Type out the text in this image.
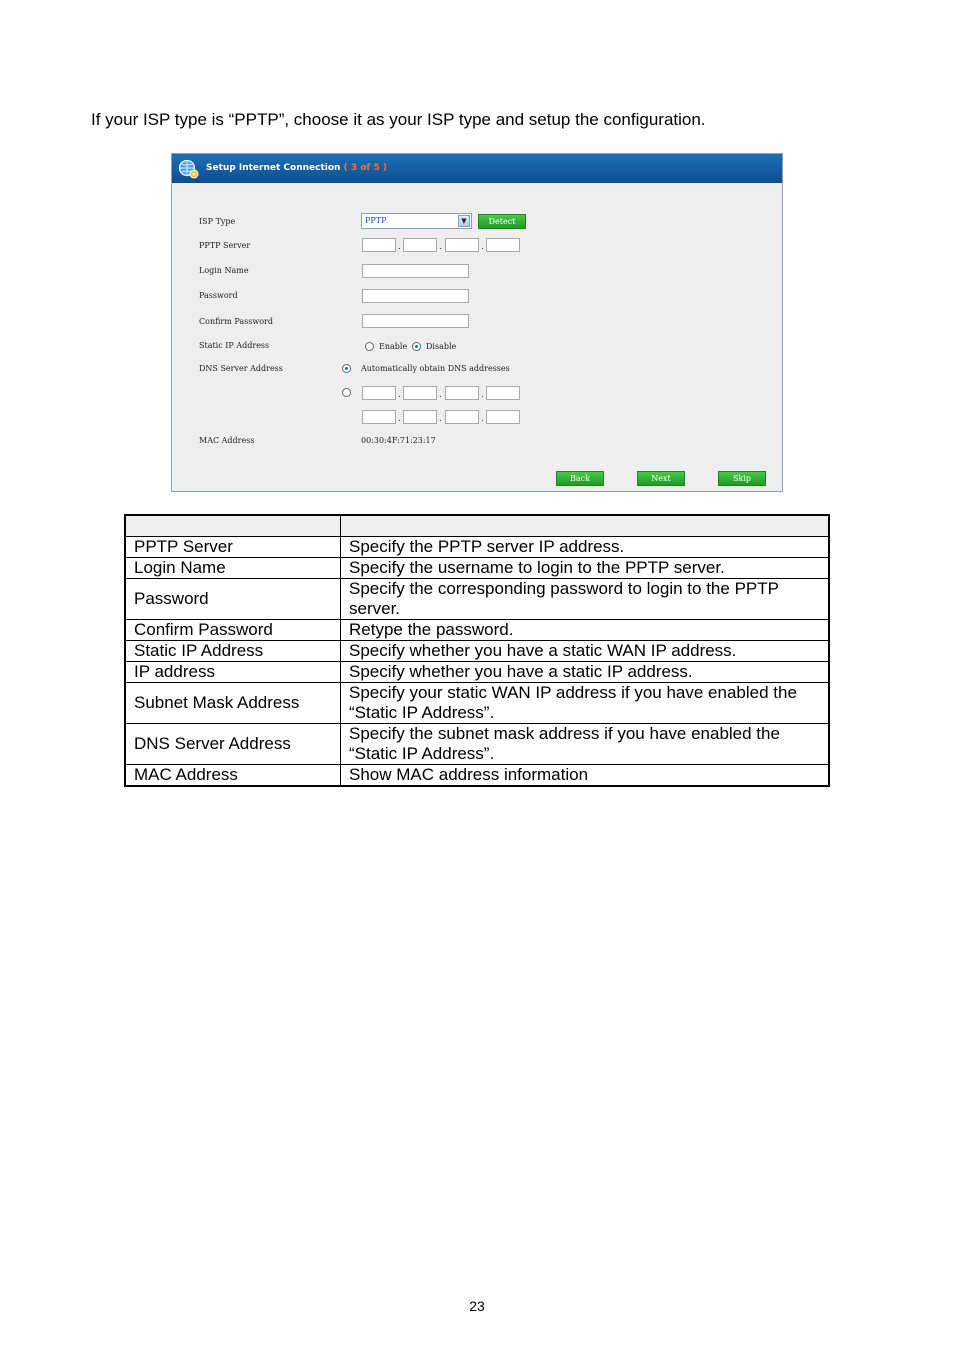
If your ISP type is “PPTP”, choose it as your ISP type and setup the configuration.
Setup Internet Connection ( 3 of 5 )
ISP Type	PPTP	▼	Detect
PPTP Server	.	.	.
Login Name
Password
Confirm Password
Static IP Address	Enable Disable
DNS Server Address	Automatically obtain DNS addresses
.	.	.
.	.	.
MAC Address	00:30:4F:71:23:17
Back	Next	Skip

PPTP Server	Specify the PPTP server IP address.
Login Name	Specify the username to login to the PPTP server.
Password	Specify the corresponding password to login to the PPTP server.
Confirm Password	Retype the password.
Static IP Address	Specify whether you have a static WAN IP address.
IP address	Specify whether you have a static IP address.
Subnet Mask Address	Specify your static WAN IP address if you have enabled the “Static IP Address”.
DNS Server Address	Specify the subnet mask address if you have enabled the “Static IP Address”.
MAC Address	Show MAC address information
23
